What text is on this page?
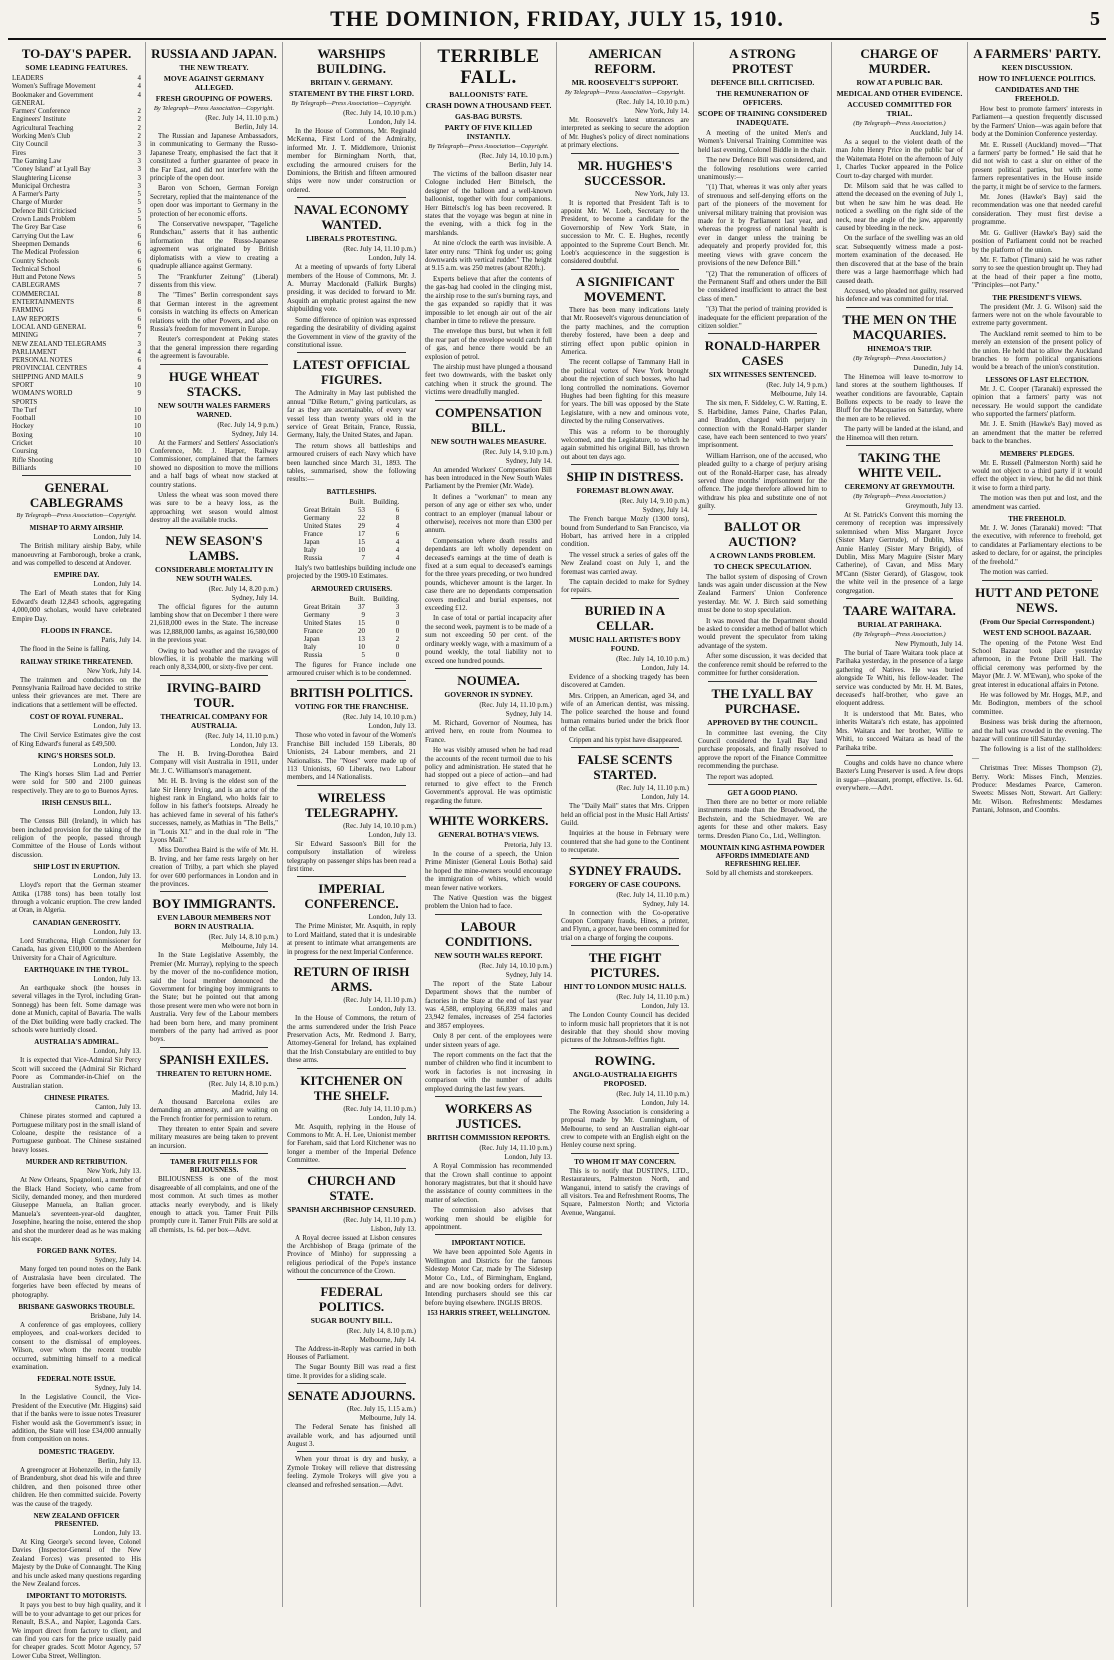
THE DOMINION, FRIDAY, JULY 15, 1910.	5
TO-DAY'S PAPER.
SOME LEADING FEATURES.
LEADERS	4
Women's Suffrage Movement	4
Bookmaker and Government	4
GENERAL
Farmers' Conference	2
Engineers' Institute	2
Agricultural Teaching	2
Working Men's Club	2
City Council	3
Fires	3
The Gaming Law	3
"Coney Island" at Lyall Bay	3
Slaughtering License	3
Municipal Orchestra	3
A Farmer's Party	5
Charge of Murder	5
Defence Bill Criticised	5
Crown Lands Problem	5
The Grey Bar Case	6
Carrying Out the Law	6
Sheepmen Demands	6
The Medical Profession	6
Country Schools	6
Technical School	6
Hutt and Petone News	5
CABLEGRAMS	7
COMMERCIAL	8
ENTERTAINMENTS	8
FARMING	6
LAW REPORTS	6
LOCAL AND GENERAL	6
MINING	7
NEW ZEALAND TELEGRAMS	3
PARLIAMENT	4
PERSONAL NOTES	6
PROVINCIAL CENTRES	4
SHIPPING AND MAILS	9
SPORT	10
WOMAN'S WORLD	9
SPORTS
The Turf	10
Football	10
Hockey	10
Boxing	10
Cricket	10
Coursing	10
Rifle Shooting	10
Billiards	10
GENERAL CABLEGRAMS
By Telegraph—Press Association—Copyright.
MISHAP TO ARMY AIRSHIP.
London, July 14.

The British military airship Baby, while manoeuvring at Farnborough, broke a crank, and was compelled to descend at Andover.

EMPIRE DAY.
London, July 14.

The Earl of Meath states that for King Edward's death 12,843 schools, aggregating 4,000,000 scholars, would have celebrated Empire Day.

FLOODS IN FRANCE.
Paris, July 14.

The flood in the Seine is falling.

RAILWAY STRIKE THREATENED.
New York, July 14.

The trainmen and conductors on the Pennsylvania Railroad have decided to strike unless their grievances are met. There are indications that a settlement will be effected.

COST OF ROYAL FUNERAL.
London, July 13.

The Civil Service Estimates give the cost of King Edward's funeral as £49,500.

KING'S HORSES SOLD.
London, July 13.

The King's horses Slim Lad and Perrier were sold for 500 and 2100 guineas respectively. They are to go to Buenos Ayres.

IRISH CENSUS BILL.
London, July 13.

The Census Bill (Ireland), in which has been included provision for the taking of the religion of the people, passed through Committee of the House of Lords without discussion.

SHIP LOST IN ERUPTION.
London, July 13.

Lloyd's report that the German steamer Attika (1788 tons) has been totally lost through a volcanic eruption. The crew landed at Oran, in Algeria.

CANADIAN GENEROSITY.
London, July 13.

Lord Strathcona, High Commissioner for Canada, has given £10,000 to the Aberdeen University for a Chair of Agriculture.

EARTHQUAKE IN THE TYROL.
London, July 13.

An earthquake shock (the houses in several villages in the Tyrol, including Gran-Sonnegg) has been felt. Some damage was done at Munich, capital of Bavaria. The walls of the Diet building were badly cracked. The schools were hurriedly closed.

AUSTRALIA'S ADMIRAL.
London, July 13.

It is expected that Vice-Admiral Sir Percy Scott will succeed the (Admiral Sir Richard Poore as Commander-in-Chief on the Australian station.

CHINESE PIRATES.
Canton, July 13.

Chinese pirates stormed and captured a Portuguese military post in the small island of Coloane, despite the resistance of a Portuguese gunboat. The Chinese sustained heavy losses.

MURDER AND RETRIBUTION.
New York, July 13.

At New Orleans, Spagnoloni, a member of the Black Hand Society, who came from Sicily, demanded money, and then murdered Giuseppe Manuela, an Italian grocer. Manuela's seventeen-year-old daughter, Josephine, hearing the noise, entered the shop and shot the murderer dead as he was making his escape.

FORGED BANK NOTES.
Sydney, July 14.

Many forged ten pound notes on the Bank of Australasia have been circulated. The forgeries have been effected by means of photography.

BRISBANE GASWORKS TROUBLE.
Brisbane, July 14.

A conference of gas employees, colliery employees, and coal-workers decided to consent to the dismissal of employees. Wilson, over whom the recent trouble occurred, submitting himself to a medical examination.

FEDERAL NOTE ISSUE.
Sydney, July 14.

In the Legislative Council, the Vice-President of the Executive (Mr. Higgins) said that if the banks were to issue notes Treasurer Fisher would ask the Government's issue; in addition, the State will lose £34,000 annually from composition on notes.

DOMESTIC TRAGEDY.
Berlin, July 13.

A greengrocer at Hohenzeile, in the family of Brandenburg, shot dead his wife and three children, and then poisoned three other children. He then committed suicide. Poverty was the cause of the tragedy.

NEW ZEALAND OFFICER PRESENTED.
London, July 13.

At King George's second levee, Colonel Davies (Inspector-General of the New Zealand Forces) was presented to His Majesty by the Duke of Connaught. The King and his uncle asked many questions regarding the New Zealand forces.

IMPORTANT TO MOTORISTS.

It pays you best to buy high quality, and it will be to your advantage to get our prices for Renault, B.S.A., and Napier, Lagonda Cars. We import direct from factory to client, and can find you cars for the price usually paid for cheaper grades. Scott Motor Agency, 57 Lower Cuba Street, Wellington.

RUSSIA AND JAPAN.
THE NEW TREATY.
MOVE AGAINST GERMANY ALLEGED.
FRESH GROUPING OF POWERS.
By Telegraph—Press Association—Copyright.
(Rec. July 14, 11.10 p.m.)
Berlin, July 14.

The Russian and Japanese Ambassadors, in communicating to Germany the Russo-Japanese Treaty, emphasised the fact that it constituted a further guarantee of peace in the Far East, and did not interfere with the principle of the open door.

Baron von Schoen, German Foreign Secretary, replied that the maintenance of the open door was important to Germany in the protection of her economic efforts.

The Conservative newspaper, "Tageliche Rundschau," asserts that it has authentic information that the Russo-Japanese agreement was originated by British diplomatists with a view to creating a quadruple alliance against Germany.

The "Frankfurter Zeitung" (Liberal) dissents from this view.

The "Times" Berlin correspondent says that German interest in the agreement consists in watching its effects on American relations with the other Powers, and also on Russia's freedom for movement in Europe.

Reuter's correspondent at Peking states that the general impression there regarding the agreement is favourable.

HUGE WHEAT STACKS.
NEW SOUTH WALES FARMERS WARNED.
(Rec. July 14, 9 p.m.)
Sydney, July 14.

At the Farmers' and Settlers' Association's Conference, Mr. J. Harper, Railway Commissioner, complained that the farmers showed no disposition to move the millions and a half bags of wheat now stacked at country stations.

Unless the wheat was soon moved there was sure to be a heavy loss, as the approaching wet season would almost destroy all the available trucks.

NEW SEASON'S LAMBS.
CONSIDERABLE MORTALITY IN NEW SOUTH WALES.
(Rec. July 14, 8.20 p.m.)
Sydney, July 14.

The official figures for the autumn lambing show that on December 1 there were 21,618,000 ewes in the State. The increase was 12,888,000 lambs, as against 16,580,000 in the previous year.

Owing to bad weather and the ravages of blowflies, it is probable the marking will reach only 8,334,000, or sixty-five per cent.

IRVING-BAIRD TOUR.
THEATRICAL COMPANY FOR AUSTRALIA.
(Rec. July 14, 11.10 p.m.)
London, July 13.

The H. B. Irving-Dorothea Baird Company will visit Australia in 1911, under Mr. J. C. Williamson's management.

Mr. H. B. Irving is the eldest son of the late Sir Henry Irving, and is an actor of the highest rank in England, who holds fair to follow in his father's footsteps. Already he has achieved fame in several of his father's successes, namely, as Mathias in "The Bells," in "Louis XI." and in the dual role in "The Lyons Mail."

Miss Dorothea Baird is the wife of Mr. H. B. Irving, and her fame rests largely on her creation of Trilby, a part which she played for over 600 performances in London and in the provinces.

BOY IMMIGRANTS.
EVEN LABOUR MEMBERS NOT BORN IN AUSTRALIA.
(Rec. July 14, 8.10 p.m.)
Melbourne, July 14.

In the State Legislative Assembly, the Premier (Mr. Murray), replying to the speech by the mover of the no-confidence motion, said the local member denounced the Government for bringing boy immigrants to the State; but he pointed out that among those present were men who were not born in Australia. Very few of the Labour members had been born here, and many prominent members of the party had arrived as poor boys.

SPANISH EXILES.
THREATEN TO RETURN HOME.
(Rec. July 14, 8.10 p.m.)
Madrid, July 14.

A thousand Barcelona exiles are demanding an amnesty, and are waiting on the French frontier for permission to return.

They threaten to enter Spain and severe military measures are being taken to prevent an incursion.

TAMER FRUIT PILLS FOR BILIOUSNESS.

BILIOUSNESS is one of the most disagreeable of all complaints, and one of the most common. At such times as mother attacks nearly everybody, and is likely enough to attack you. Tamer Fruit Pills promptly cure it. Tamer Fruit Pills are sold at all chemists, 1s. 6d. per box—Advt.

WARSHIPS BUILDING.
BRITAIN V. GERMANY.
STATEMENT BY THE FIRST LORD.
By Telegraph—Press Association—Copyright.
(Rec. July 14, 10.10 p.m.)
London, July 14.

In the House of Commons, Mr. Reginald McKenna, First Lord of the Admiralty, informed Mr. J. T. Middlemore, Unionist member for Birmingham North, that, excluding the armoured cruisers for the Dominions, the British and fifteen armoured ships were now under construction or ordered.

NAVAL ECONOMY WANTED.
LIBERALS PROTESTING.
(Rec. July 14, 11.10 p.m.)
London, July 14.

At a meeting of upwards of forty Liberal members of the House of Commons, Mr. J. A. Murray Macdonald (Falkirk Burghs) presiding, it was decided to forward to Mr. Asquith an emphatic protest against the new shipbuilding vote.

Some difference of opinion was expressed regarding the desirability of dividing against the Government in view of the gravity of the constitutional issue.

LATEST OFFICIAL FIGURES.

The Admiralty in May last published the annual "Dilke Return," giving particulars, as far as they are ascertainable, of every war vessel less than twenty years old in the service of Great Britain, France, Russia, Germany, Italy, the United States, and Japan.

The return shows all battleships and armoured cruisers of each Navy which have been launched since March 31, 1893. The tables, summarised, show the following results:—

BATTLESHIPS.
	Built.	Building.
Great Britain	53	6
Germany	22	8
United States	29	4
France	17	6
Japan	15	4
Italy	10	4
Russia	7	4

Italy's two battleships building include one projected by the 1909-10 Estimates.

ARMOURED CRUISERS.
	Built.	Building.
Great Britain	37	3
Germany	9	3
United States	15	0
France	20	0
Japan	13	2
Italy	10	0
Russia	5	0

The figures for France include one armoured cruiser which is to be condemned.

BRITISH POLITICS.
VOTING FOR THE FRANCHISE.
(Rec. July 14, 10.10 p.m.)
London, July 13.

Those who voted in favour of the Women's Franchise Bill included 159 Liberals, 80 Unionists, 24 Labour members, and 21 Nationalists. The "Noes" were made up of 113 Unionists, 60 Liberals, two Labour members, and 14 Nationalists.

WIRELESS TELEGRAPHY.
(Rec. July 14, 10.10 p.m.)
London, July 13.

Sir Edward Sassoon's Bill for the compulsory installation of wireless telegraphy on passenger ships has been read a first time.

IMPERIAL CONFERENCE.
London, July 13.

The Prime Minister, Mr. Asquith, in reply to Lord Maitland, stated that it is undesirable at present to intimate what arrangements are in progress for the next Imperial Conference.

RETURN OF IRISH ARMS.
(Rec. July 14, 11.10 p.m.)
London, July 13.

In the House of Commons, the return of the arms surrendered under the Irish Peace Preservation Acts, Mr. Redmond J. Barry, Attorney-General for Ireland, has explained that the Irish Constabulary are entitled to buy these arms.

KITCHENER ON THE SHELF.
(Rec. July 14, 11.10 p.m.)
London, July 14.

Mr. Asquith, replying in the House of Commons to Mr. A. H. Lee, Unionist member for Fareham, said that Lord Kitchener was no longer a member of the Imperial Defence Committee.

CHURCH AND STATE.
SPANISH ARCHBISHOP CENSURED.
(Rec. July 14, 11.10 p.m.)
Lisbon, July 13.

A Royal decree issued at Lisbon censures the Archbishop of Braga (primate of the Province of Minho) for suppressing a religious periodical of the Pope's instance without the concurrence of the Crown.

FEDERAL POLITICS.
SUGAR BOUNTY BILL.
(Rec. July 14, 8.10 p.m.)
Melbourne, July 14.

The Address-in-Reply was carried in both Houses of Parliament.

The Sugar Bounty Bill was read a first time. It provides for a sliding scale.

SENATE ADJOURNS.
(Rec. July 15, 1.15 a.m.)
Melbourne, July 14.

The Federal Senate has finished all available work, and has adjourned until August 3.

When your throat is dry and husky, a Zymole Trokey will relieve that distressing feeling. Zymole Trokeys will give you a cleansed and refreshed sensation.—Advt.

TERRIBLE FALL.
BALLOONISTS' FATE.
CRASH DOWN A THOUSAND FEET.
GAS-BAG BURSTS.
PARTY OF FIVE KILLED INSTANTLY.
By Telegraph—Press Association—Copyright.
(Rec. July 14, 10.10 p.m.)
Berlin, July 14.

The victims of the balloon disaster near Cologne included Herr Bittelsch, the designer of the balloon and a well-known balloonist, together with four companions. Herr Bittelsch's log has been recovered. It states that the voyage was begun at nine in the evening, with a thick fog in the marshlands.

At nine o'clock the earth was invisible. A later entry runs: "Think fog under us; going downwards with vertical rudder." The height at 9.15 a.m. was 250 metres (about 820ft.).

Experts believe that after the contents of the gas-bag had cooled in the clinging mist, the airship rose to the sun's burning rays, and the gas expanded so rapidly that it was impossible to let enough air out of the air chamber in time to relieve the pressure.

The envelope thus burst, but when it fell the rear part of the envelope would catch full of gas, and hence there would be an explosion of petrol.

The airship must have plunged a thousand feet two downwards, with the basket only catching when it struck the ground. The victims were dreadfully mangled.

COMPENSATION BILL.
NEW SOUTH WALES MEASURE.
(Rec. July 14, 9.10 p.m.)
Sydney, July 14.

An amended Workers' Compensation Bill has been introduced in the New South Wales Parliament by the Premier (Mr. Wade).

It defines a "workman" to mean any person of any age or either sex who, under contract to an employer (manual labour or otherwise), receives not more than £300 per annum.

Compensation where death results and dependants are left wholly dependent on deceased's earnings at the time of death is fixed at a sum equal to deceased's earnings for the three years preceding, or two hundred pounds, whichever amount is the larger. In case there are no dependants compensation covers medical and burial expenses, not exceeding £12.

In case of total or partial incapacity after the second week, payment is to be made of a sum not exceeding 50 per cent. of the ordinary weekly wage, with a maximum of a pound weekly, the total liability not to exceed one hundred pounds.

NOUMEA.
GOVERNOR IN SYDNEY.
(Rec. July 14, 11.10 p.m.)
Sydney, July 14.

M. Richard, Governor of Noumea, has arrived here, en route from Noumea to France.

He was visibly amused when he had read the accounts of the recent turmoil due to his policy and administration. He stated that he had stopped out a piece of action—and had returned to give effect to the French Government's approval. He was optimistic regarding the future.

WHITE WORKERS.
GENERAL BOTHA'S VIEWS.
Pretoria, July 13.

In the course of a speech, the Union Prime Minister (General Louis Botha) said he hoped the mine-owners would encourage the immigration of whites, which would mean fewer native workers.

The Native Question was the biggest problem the Union had to face.

LABOUR CONDITIONS.
NEW SOUTH WALES REPORT.
(Rec. July 14, 10.10 p.m.)
Sydney, July 14.

The report of the State Labour Department shows that the number of factories in the State at the end of last year was 4,588, employing 66,839 males and 23,942 females, increases of 254 factories and 3857 employees.

Only 8 per cent. of the employees were under sixteen years of age.

The report comments on the fact that the number of children who find it incumbent to work in factories is not increasing in comparison with the number of adults employed during the last few years.

WORKERS AS JUSTICES.
BRITISH COMMISSION REPORTS.
(Rec. July 14, 11.10 p.m.)
London, July 13.

A Royal Commission has recommended that the Crown shall continue to appoint honorary magistrates, but that it should have the assistance of county committees in the matter of selection.

The commission also advises that working men should be eligible for appointment.

IMPORTANT NOTICE.

We have been appointed Sole Agents in Wellington and Districts for the famous Sidestep Motor Car, made by The Sidestep Motor Co., Ltd., of Birmingham, England, and are now booking orders for delivery. Intending purchasers should see this car before buying elsewhere. INGLIS BROS.

153 HARRIS STREET, WELLINGTON.
AMERICAN REFORM.
MR. ROOSEVELT'S SUPPORT.
By Telegraph—Press Association—Copyright.
(Rec. July 14, 10.10 p.m.)
New York, July 14.

Mr. Roosevelt's latest utterances are interpreted as seeking to secure the adoption of Mr. Hughes's policy of direct nominations at primary elections.

MR. HUGHES'S SUCCESSOR.
New York, July 13.

It is reported that President Taft is to appoint Mr. W. Loeb, Secretary to the President, to become a candidate for the Governorship of New York State, in succession to Mr. C. E. Hughes, recently appointed to the Supreme Court Bench. Mr. Loeb's acquiescence in the suggestion is considered doubtful.

A SIGNIFICANT MOVEMENT.

There has been many indications lately that Mr. Roosevelt's vigorous denunciation of the party machines, and the corruption thereby fostered, have been a deep and stirring effect upon public opinion in America.

The recent collapse of Tammany Hall in the political vortex of New York brought about the rejection of such bosses, who had long controlled the nominations. Governor Hughes had been fighting for this measure for years. The bill was opposed by the State Legislature, with a new and ominous vote, directed by the ruling Conservatives.

This was a reform to be thoroughly welcomed, and the Legislature, to which he again submitted his original Bill, has thrown out about ten days ago.

SHIP IN DISTRESS.
FOREMAST BLOWN AWAY.
(Rec. July 14, 9.10 p.m.)
Sydney, July 14.

The French barque Mozly (1300 tons), bound from Sunderland to San Francisco, via Hobart, has arrived here in a crippled condition.

The vessel struck a series of gales off the New Zealand coast on July 1, and the foremast was carried away.

The captain decided to make for Sydney for repairs.

BURIED IN A CELLAR.
MUSIC HALL ARTISTE'S BODY FOUND.
(Rec. July 14, 10.10 p.m.)
London, July 14.

Evidence of a shocking tragedy has been discovered at Camden.

Mrs. Crippen, an American, aged 34, and wife of an American dentist, was missing. The police searched the house and found human remains buried under the brick floor of the cellar.

Crippen and his typist have disappeared.

FALSE SCENTS STARTED.
(Rec. July 14, 11.10 p.m.)
London, July 14.

The "Daily Mail" states that Mrs. Crippen held an official post in the Music Hall Artists' Guild.

Inquiries at the house in February were countered that she had gone to the Continent to recuperate.

SYDNEY FRAUDS.
FORGERY OF CASE COUPONS.
(Rec. July 14, 11.10 p.m.)
Sydney, July 14.

In connection with the Co-operative Coupon Company frauds, Hines, a printer, and Flynn, a grocer, have been committed for trial on a charge of forging the coupons.

THE FIGHT PICTURES.
HINT TO LONDON MUSIC HALLS.
(Rec. July 14, 11.10 p.m.)
London, July 13.

The London County Council has decided to inform music hall proprietors that it is not desirable that they should show moving pictures of the Johnson-Jeffries fight.

ROWING.
ANGLO-AUSTRALIA EIGHTS PROPOSED.
(Rec. July 14, 11.10 p.m.)
London, July 14.

The Rowing Association is considering a proposal made by Mr. Cunningham, of Melbourne, to send an Australian eight-oar crew to compete with an English eight on the Henley course next spring.

TO WHOM IT MAY CONCERN.

This is to notify that DUSTIN'S, LTD., Restaurateurs, Palmerston North, and Wanganui, intend to satisfy the cravings of all visitors. Tea and Refreshment Rooms, The Square, Palmerston North; and Victoria Avenue, Wanganui.

A STRONG PROTEST
DEFENCE BILL CRITICISED.
THE REMUNERATION OF OFFICERS.
SCOPE OF TRAINING CONSIDERED INADEQUATE.

A meeting of the united Men's and Women's Universal Training Committee was held last evening, Colonel Biddle in the chair.

The new Defence Bill was considered, and the following resolutions were carried unanimously:—

"(1) That, whereas it was only after years of strenuous and self-denying efforts on the part of the pioneers of the movement for universal military training that provision was made for it by Parliament last year, and whereas the progress of national health is ever in danger unless the training be adequately and properly provided for, this meeting views with grave concern the provisions of the new Defence Bill."

"(2) That the remuneration of officers of the Permanent Staff and others under the Bill be considered insufficient to attract the best class of men."

"(3) That the period of training provided is inadequate for the efficient preparation of the citizen soldier."

RONALD-HARPER CASES
SIX WITNESSES SENTENCED.
(Rec. July 14, 9 p.m.)
Melbourne, July 14.

The six men, F. Siddeley, C. W. Ratting, E. S. Harbidine, James Paine, Charles Palan, and Braddon, charged with perjury in connection with the Ronald-Harper slander case, have each been sentenced to two years' imprisonment.

William Harrison, one of the accused, who pleaded guilty to a charge of perjury arising out of the Ronald-Harper case, has already served three months' imprisonment for the offence. The judge therefore allowed him to withdraw his plea and substitute one of not guilty.

BALLOT OR AUCTION?
A CROWN LANDS PROBLEM.
TO CHECK SPECULATION.

The ballot system of disposing of Crown lands was again under discussion at the New Zealand Farmers' Union Conference yesterday. Mr. W. J. Birch said something must be done to stop speculation.

It was moved that the Department should be asked to consider a method of ballot which would prevent the speculator from taking advantage of the system.

After some discussion, it was decided that the conference remit should be referred to the committee for further consideration.

THE LYALL BAY PURCHASE.
APPROVED BY THE COUNCIL.

In committee last evening, the City Council considered the Lyall Bay land purchase proposals, and finally resolved to approve the report of the Finance Committee recommending the purchase.

The report was adopted.

GET A GOOD PIANO.

Then there are no better or more reliable instruments made than the Broadwood, the Bechstein, and the Schiedmayer. We are agents for these and other makers. Easy terms. Dresden Piano Co., Ltd., Wellington.

MOUNTAIN KING ASTHMA POWDER AFFORDS IMMEDIATE AND REFRESHING RELIEF.

Sold by all chemists and storekeepers.

CHARGE OF MURDER.
ROW AT A PUBLIC BAR.
MEDICAL AND OTHER EVIDENCE.
ACCUSED COMMITTED FOR TRIAL.
(By Telegraph—Press Association.)
Auckland, July 14.

As a sequel to the violent death of the man John Henry Price in the public bar of the Waitemata Hotel on the afternoon of July 1, Charles Tucker appeared in the Police Court to-day charged with murder.

Dr. Milsom said that he was called to attend the deceased on the evening of July 1, but when he saw him he was dead. He noticed a swelling on the right side of the neck, near the angle of the jaw, apparently caused by bleeding in the neck.

On the surface of the swelling was an old scar. Subsequently witness made a post-mortem examination of the deceased. He then discovered that at the base of the brain there was a large haemorrhage which had caused death.

Accused, who pleaded not guilty, reserved his defence and was committed for trial.

THE MEN ON THE MACQUARIES.
HINEMOA'S TRIP.
(By Telegraph—Press Association.)
Dunedin, July 14.

The Hinemoa will leave to-morrow to land stores at the southern lighthouses. If weather conditions are favourable, Captain Bollons expects to be ready to leave the Bluff for the Macquaries on Saturday, where the men are to be relieved.

The party will be landed at the island, and the Hinemoa will then return.

TAKING THE WHITE VEIL.
CEREMONY AT GREYMOUTH.
(By Telegraph—Press Association.)
Greymouth, July 13.

At St. Patrick's Convent this morning the ceremony of reception was impressively solemnised when Miss Margaret Joyce (Sister Mary Gertrude), of Dublin, Miss Annie Hanley (Sister Mary Brigid), of Dublin, Miss Mary Maguire (Sister Mary Catherine), of Cavan, and Miss Mary M'Cann (Sister Gerard), of Glasgow, took the white veil in the presence of a large congregation.

TAARE WAITARA.
BURIAL AT PARIHAKA.
(By Telegraph—Press Association.)
New Plymouth, July 14.

The burial of Taare Waitara took place at Parihaka yesterday, in the presence of a large gathering of Natives. He was buried alongside Te Whiti, his fellow-leader. The service was conducted by Mr. H. M. Bates, deceased's half-brother, who gave an eloquent address.

It is understood that Mr. Bates, who inherits Waitara's rich estate, has appointed Mrs. Waitara and her brother, Willie te Whiti, to succeed Waitara as head of the Parihaka tribe.

Coughs and colds have no chance where Baxter's Lung Preserver is used. A few drops in sugar—pleasant, prompt, effective. 1s. 6d. everywhere.—Advt.

A FARMERS' PARTY.
KEEN DISCUSSION.
HOW TO INFLUENCE POLITICS.
CANDIDATES AND THE FREEHOLD.

How best to promote farmers' interests in Parliament—a question frequently discussed by the Farmers' Union—was again before that body at the Dominion Conference yesterday.

Mr. E. Russell (Auckland) moved—"That a farmers' party be formed." He said that he did not wish to cast a slur on either of the present political parties, but with some farmers representatives in the House inside the party, it might be of service to the farmers.

Mr. Jones (Hawke's Bay) said the recommendation was one that needed careful consideration. They must first devise a programme.

Mr. G. Gulliver (Hawke's Bay) said the position of Parliament could not be reached by the platform of the union.

Mr. F. Talbot (Timaru) said he was rather sorry to see the question brought up. They had at the head of their paper a fine motto, "Principles—not Party."

THE PRESIDENT'S VIEWS.

The president (Mr. J. G. Wilson) said the farmers were not on the whole favourable to extreme party government.

The Auckland remit seemed to him to be merely an extension of the present policy of the union. He held that to allow the Auckland branches to form political organisations would be a breach of the union's constitution.

LESSONS OF LAST ELECTION.

Mr. J. C. Cooper (Taranaki) expressed the opinion that a farmers' party was not necessary. He would support the candidate who supported the farmers' platform.

Mr. J. E. Smith (Hawke's Bay) moved as an amendment that the matter be referred back to the branches.

MEMBERS' PLEDGES.

Mr. E. Russell (Palmerston North) said he would not object to a third party if it would effect the object in view, but he did not think it wise to form a third party.

The motion was then put and lost, and the amendment was carried.

THE FREEHOLD.

Mr. J. W. Jones (Taranaki) moved: "That the executive, with reference to freehold, get to candidates at Parliamentary elections to be asked to declare, for or against, the principles of the freehold."

The motion was carried.

HUTT AND PETONE NEWS.
(From Our Special Correspondent.)
WEST END SCHOOL BAZAAR.

The opening of the Petone West End School Bazaar took place yesterday afternoon, in the Petone Drill Hall. The official ceremony was performed by the Mayor (Mr. J. W. M'Ewan), who spoke of the great interest in educational affairs in Petone.

He was followed by Mr. Hoggs, M.P., and Mr. Bodington, members of the school committee.

Business was brisk during the afternoon, and the hall was crowded in the evening. The bazaar will continue till Saturday.

The following is a list of the stallholders:—

Christmas Tree: Misses Thompson (2), Berry. Work: Misses Finch, Menzies. Produce: Mesdames Pearce, Cameron. Sweets: Misses Nott, Stewart. Art Gallery: Mr. Wilson. Refreshments: Mesdames Pantani, Johnson, and Coombs.
